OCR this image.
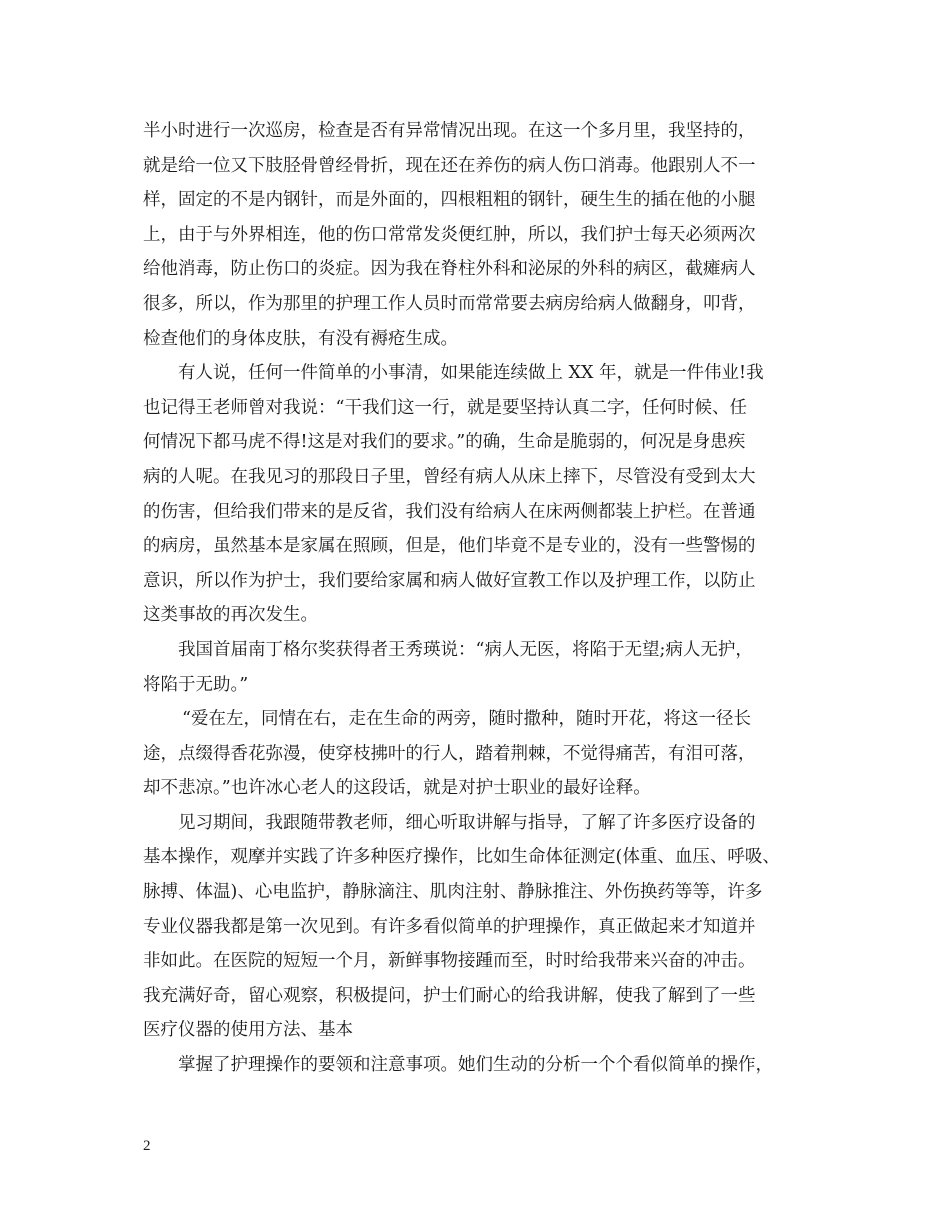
半小时进行一次巡房，检查是否有异常情况出现。在这一个多月里，我坚持的，
就是给一位又下肢胫骨曾经骨折，现在还在养伤的病人伤口消毒。他跟别人不一
样，固定的不是内钢针，而是外面的，四根粗粗的钢针，硬生生的插在他的小腿
上，由于与外界相连，他的伤口常常发炎便红肿，所以，我们护士每天必须两次
给他消毒，防止伤口的炎症。因为我在脊柱外科和泌尿的外科的病区，截瘫病人
很多，所以，作为那里的护理工作人员时而常常要去病房给病人做翻身，叩背，
检查他们的身体皮肤，有没有褥疮生成。
有人说，任何一件简单的小事清，如果能连续做上 XX 年，就是一件伟业!我
也记得王老师曾对我说：“干我们这一行，就是要坚持认真二字，任何时候、任
何情况下都马虎不得!这是对我们的要求。”的确，生命是脆弱的，何况是身患疾
病的人呢。在我见习的那段日子里，曾经有病人从床上摔下，尽管没有受到太大
的伤害，但给我们带来的是反省，我们没有给病人在床两侧都装上护栏。在普通
的病房，虽然基本是家属在照顾，但是，他们毕竟不是专业的，没有一些警惕的
意识，所以作为护士，我们要给家属和病人做好宣教工作以及护理工作，以防止
这类事故的再次发生。
我国首届南丁格尔奖获得者王秀瑛说：“病人无医，将陷于无望;病人无护，
将陷于无助。”
“爱在左，同情在右，走在生命的两旁，随时撒种，随时开花，将这一径长
途，点缀得香花弥漫，使穿枝拂叶的行人，踏着荆棘，不觉得痛苦，有泪可落，
却不悲凉。”也许冰心老人的这段话，就是对护士职业的最好诠释。
见习期间，我跟随带教老师，细心听取讲解与指导，了解了许多医疗设备的
基本操作，观摩并实践了许多种医疗操作，比如生命体征测定(体重、血压、呼吸、
脉搏、体温)、心电监护，静脉滴注、肌肉注射、静脉推注、外伤换药等等，许多
专业仪器我都是第一次见到。有许多看似简单的护理操作，真正做起来才知道并
非如此。在医院的短短一个月，新鲜事物接踵而至，时时给我带来兴奋的冲击。
我充满好奇，留心观察，积极提问，护士们耐心的给我讲解，使我了解到了一些
医疗仪器的使用方法、基本
掌握了护理操作的要领和注意事项。她们生动的分析一个个看似简单的操作，
2
